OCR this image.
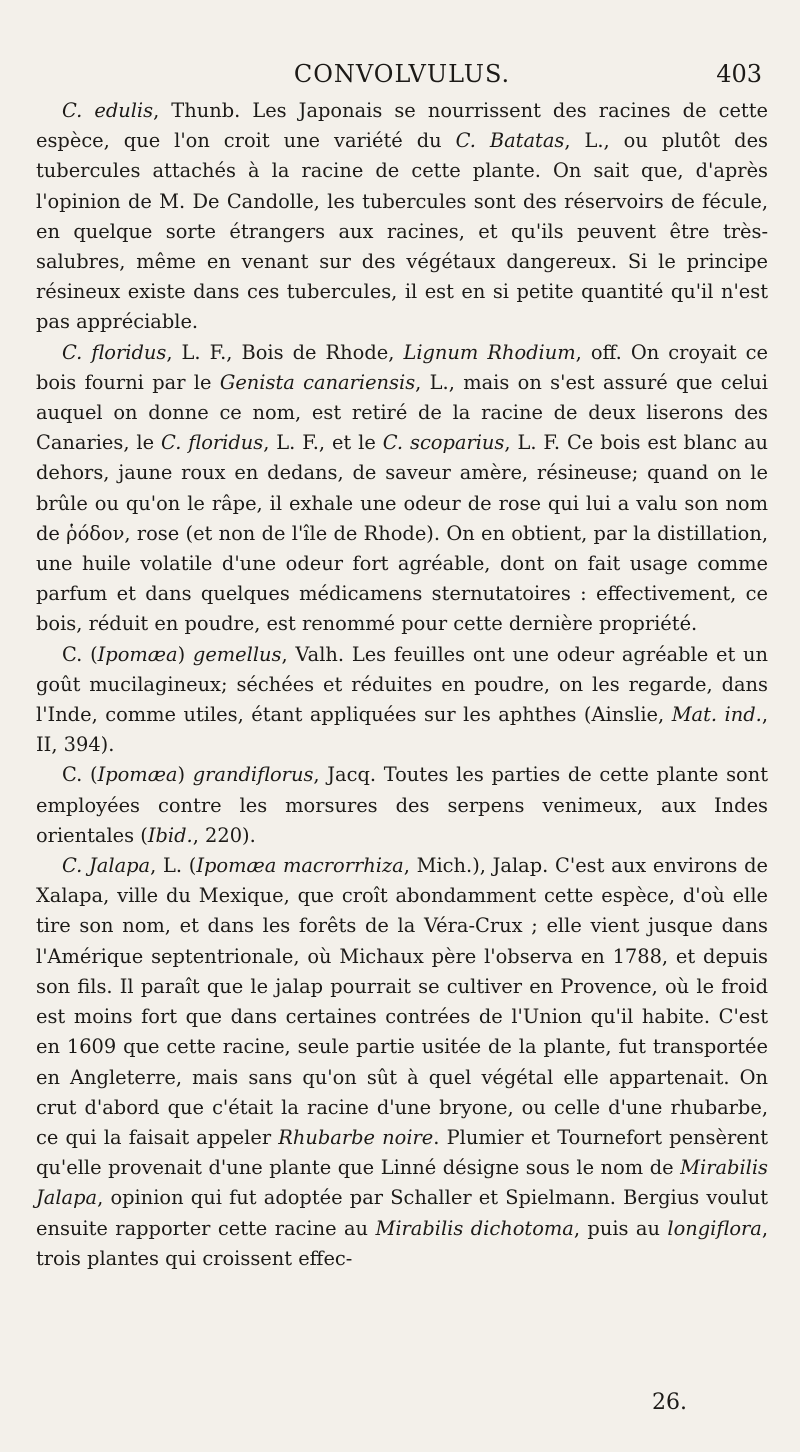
CONVOLVULUS.	403

C. edulis, Thunb. Les Japonais se nourrissent des racines de cette espèce, que l'on croit une variété du C. Batatas, L., ou plutôt des tubercules attachés à la racine de cette plante. On sait que, d'après l'opinion de M. De Candolle, les tubercules sont des réservoirs de fécule, en quelque sorte étrangers aux racines, et qu'ils peuvent être très-salubres, même en venant sur des végétaux dangereux. Si le principe résineux existe dans ces tubercules, il est en si petite quantité qu'il n'est pas appréciable.

C. floridus, L. F., Bois de Rhode, Lignum Rhodium, off. On croyait ce bois fourni par le Genista canariensis, L., mais on s'est assuré que celui auquel on donne ce nom, est retiré de la racine de deux liserons des Canaries, le C. floridus, L. F., et le C. scoparius, L. F. Ce bois est blanc au dehors, jaune roux en dedans, de saveur amère, résineuse; quand on le brûle ou qu'on le râpe, il exhale une odeur de rose qui lui a valu son nom de ῥόδον, rose (et non de l'île de Rhode). On en obtient, par la distillation, une huile volatile d'une odeur fort agréable, dont on fait usage comme parfum et dans quelques médicamens sternutatoires : effectivement, ce bois, réduit en poudre, est renommé pour cette dernière propriété.

C. (Ipomæa) gemellus, Valh. Les feuilles ont une odeur agréable et un goût mucilagineux; séchées et réduites en poudre, on les regarde, dans l'Inde, comme utiles, étant appliquées sur les aphthes (Ainslie, Mat. ind., II, 394).

C. (Ipomæa) grandiflorus, Jacq. Toutes les parties de cette plante sont employées contre les morsures des serpens venimeux, aux Indes orientales (Ibid., 220).

C. Jalapa, L. (Ipomæa macrorrhiza, Mich.), Jalap. C'est aux environs de Xalapa, ville du Mexique, que croît abondamment cette espèce, d'où elle tire son nom, et dans les forêts de la Véra-Crux ; elle vient jusque dans l'Amérique septentrionale, où Michaux père l'observa en 1788, et depuis son fils. Il paraît que le jalap pourrait se cultiver en Provence, où le froid est moins fort que dans certaines contrées de l'Union qu'il habite. C'est en 1609 que cette racine, seule partie usitée de la plante, fut transportée en Angleterre, mais sans qu'on sût à quel végétal elle appartenait. On crut d'abord que c'était la racine d'une bryone, ou celle d'une rhubarbe, ce qui la faisait appeler Rhubarbe noire. Plumier et Tournefort pensèrent qu'elle provenait d'une plante que Linné désigne sous le nom de Mirabilis Jalapa, opinion qui fut adoptée par Schaller et Spielmann. Bergius voulut ensuite rapporter cette racine au Mirabilis dichotoma, puis au longiflora, trois plantes qui croissent effec-

26.
